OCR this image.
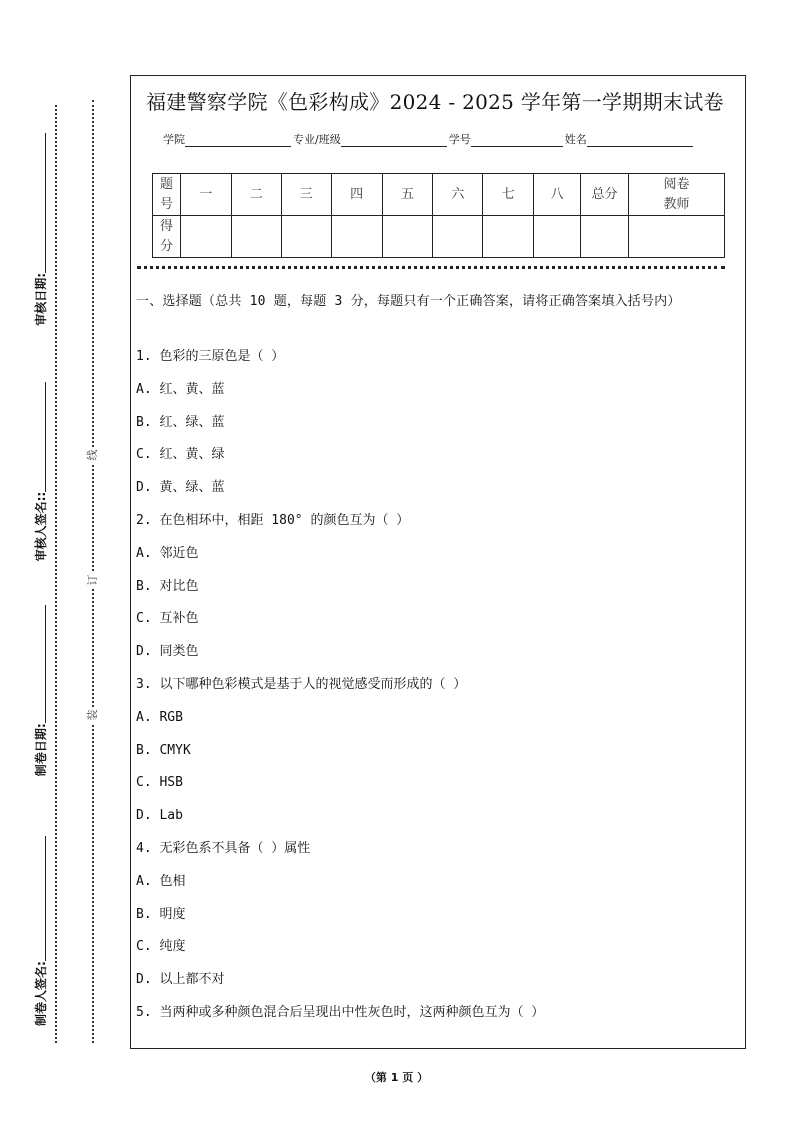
制卷人签名:
制卷日期:
审核人签名::
审核日期:
线
订
装
福建警察学院《色彩构成》2024 - 2025 学年第一学期期末试卷
学院	专业/班级	学号	姓名
题号	一	二	三	四	五	六	七	八	总分	阅卷教师
得分										
一、选择题（总共 10 题，每题 3 分，每题只有一个正确答案，请将正确答案填入括号内）
1. 色彩的三原色是（ ）
A. 红、黄、蓝
B. 红、绿、蓝
C. 红、黄、绿
D. 黄、绿、蓝
2. 在色相环中，相距 180° 的颜色互为（ ）
A. 邻近色
B. 对比色
C. 互补色
D. 同类色
3. 以下哪种色彩模式是基于人的视觉感受而形成的（ ）
A. RGB
B. CMYK
C. HSB
D. Lab
4. 无彩色系不具备（ ）属性
A. 色相
B. 明度
C. 纯度
D. 以上都不对
5. 当两种或多种颜色混合后呈现出中性灰色时，这两种颜色互为（ ）
（第 1 页 ）
